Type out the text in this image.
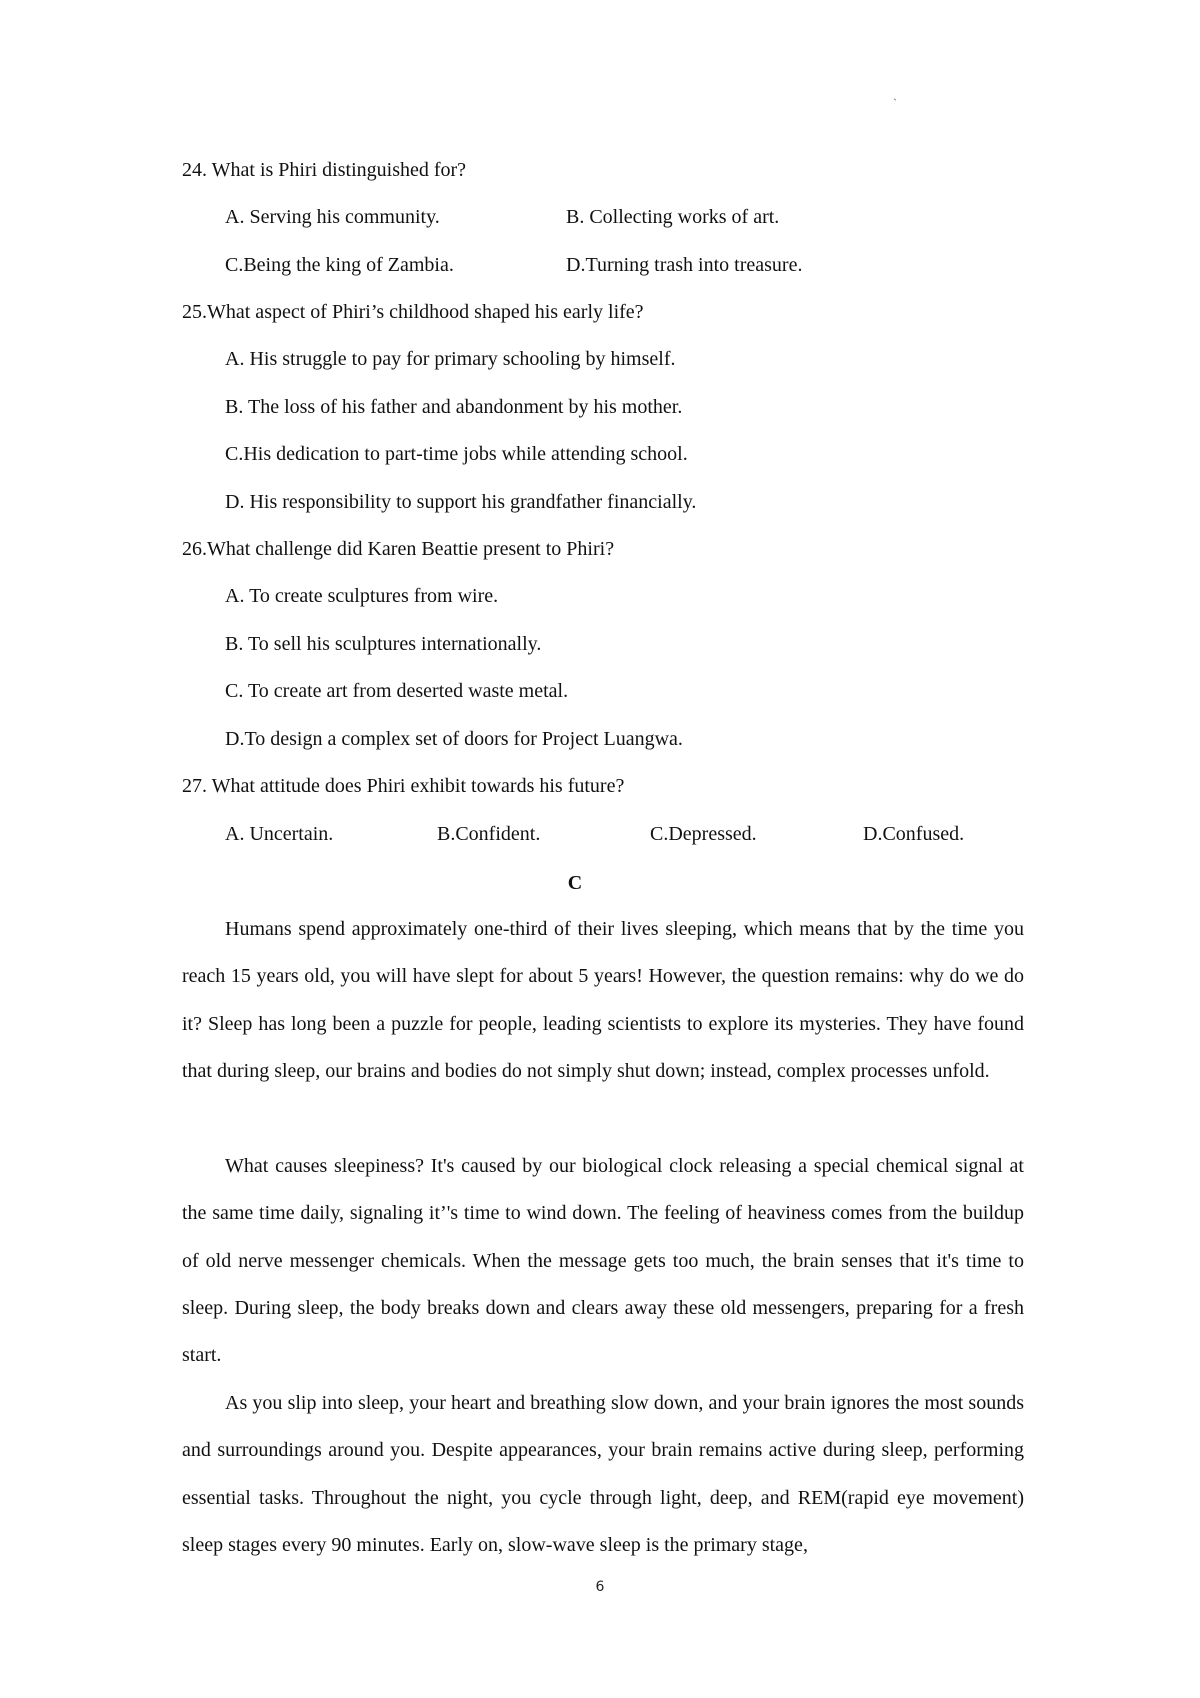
`
24. What is Phiri distinguished for?
A. Serving his community.	B. Collecting works of art.
C.Being the king of Zambia.	D.Turning trash into treasure.
25.What aspect of Phiri’s childhood shaped his early life?
A. His struggle to pay for primary schooling by himself.
B. The loss of his father and abandonment by his mother.
C.His dedication to part-time jobs while attending school.
D. His responsibility to support his grandfather financially.
26.What challenge did Karen Beattie present to Phiri?
A. To create sculptures from wire.
B. To sell his sculptures internationally.
C. To create art from deserted waste metal.
D.To design a complex set of doors for Project Luangwa.
27. What attitude does Phiri exhibit towards his future?
A. Uncertain.	B.Confident.	C.Depressed.	D.Confused.
C

Humans spend approximately one-third of their lives sleeping, which means that by the time you reach 15 years old, you will have slept for about 5 years! However, the question remains: why do we do it? Sleep has long been a puzzle for people, leading scientists to explore its mysteries. They have found that during sleep, our brains and bodies do not simply shut down; instead, complex processes unfold.

What causes sleepiness? It's caused by our biological clock releasing a special chemical signal at the same time daily, signaling it’'s time to wind down. The feeling of heaviness comes from the buildup of old nerve messenger chemicals. When the message gets too much, the brain senses that it's time to sleep. During sleep, the body breaks down and clears away these old messengers, preparing for a fresh start.

As you slip into sleep, your heart and breathing slow down, and your brain ignores the most sounds and surroundings around you. Despite appearances, your brain remains active during sleep, performing essential tasks. Throughout the night, you cycle through light, deep, and REM(rapid eye movement) sleep stages every 90 minutes. Early on, slow-wave sleep is the primary stage,

6
